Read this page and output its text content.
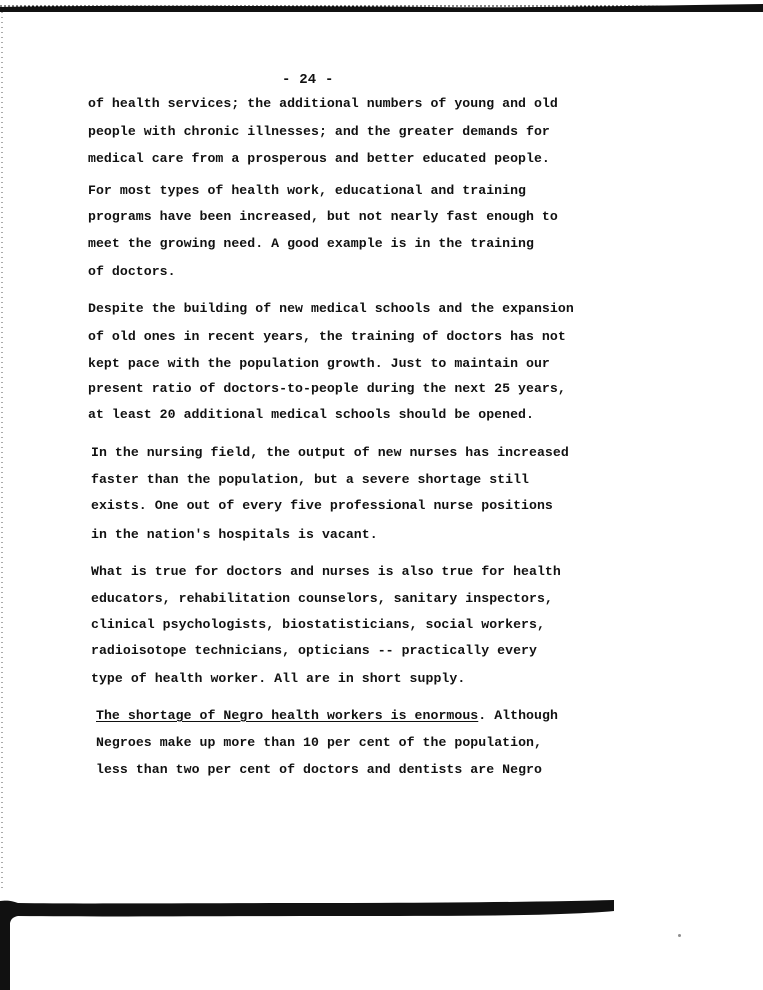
- 24 -
of health services; the additional numbers of young and old
people with chronic illnesses; and the greater demands for
medical care from a prosperous and better educated people.
For most types of health work, educational and training
programs have been increased, but not nearly fast enough to
meet the growing need. A good example is in the training
of doctors.
Despite the building of new medical schools and the expansion
of old ones in recent years, the training of doctors has not
kept pace with the population growth. Just to maintain our
present ratio of doctors-to-people during the next 25 years,
at least 20 additional medical schools should be opened.
In the nursing field, the output of new nurses has increased
faster than the population, but a severe shortage still
exists. One out of every five professional nurse positions
in the nation's hospitals is vacant.
What is true for doctors and nurses is also true for health
educators, rehabilitation counselors, sanitary inspectors,
clinical psychologists, biostatisticians, social workers,
radioisotope technicians, opticians -- practically every
type of health worker. All are in short supply.
The shortage of Negro health workers is enormous. Although
Negroes make up more than 10 per cent of the population,
less than two per cent of doctors and dentists are Negro
